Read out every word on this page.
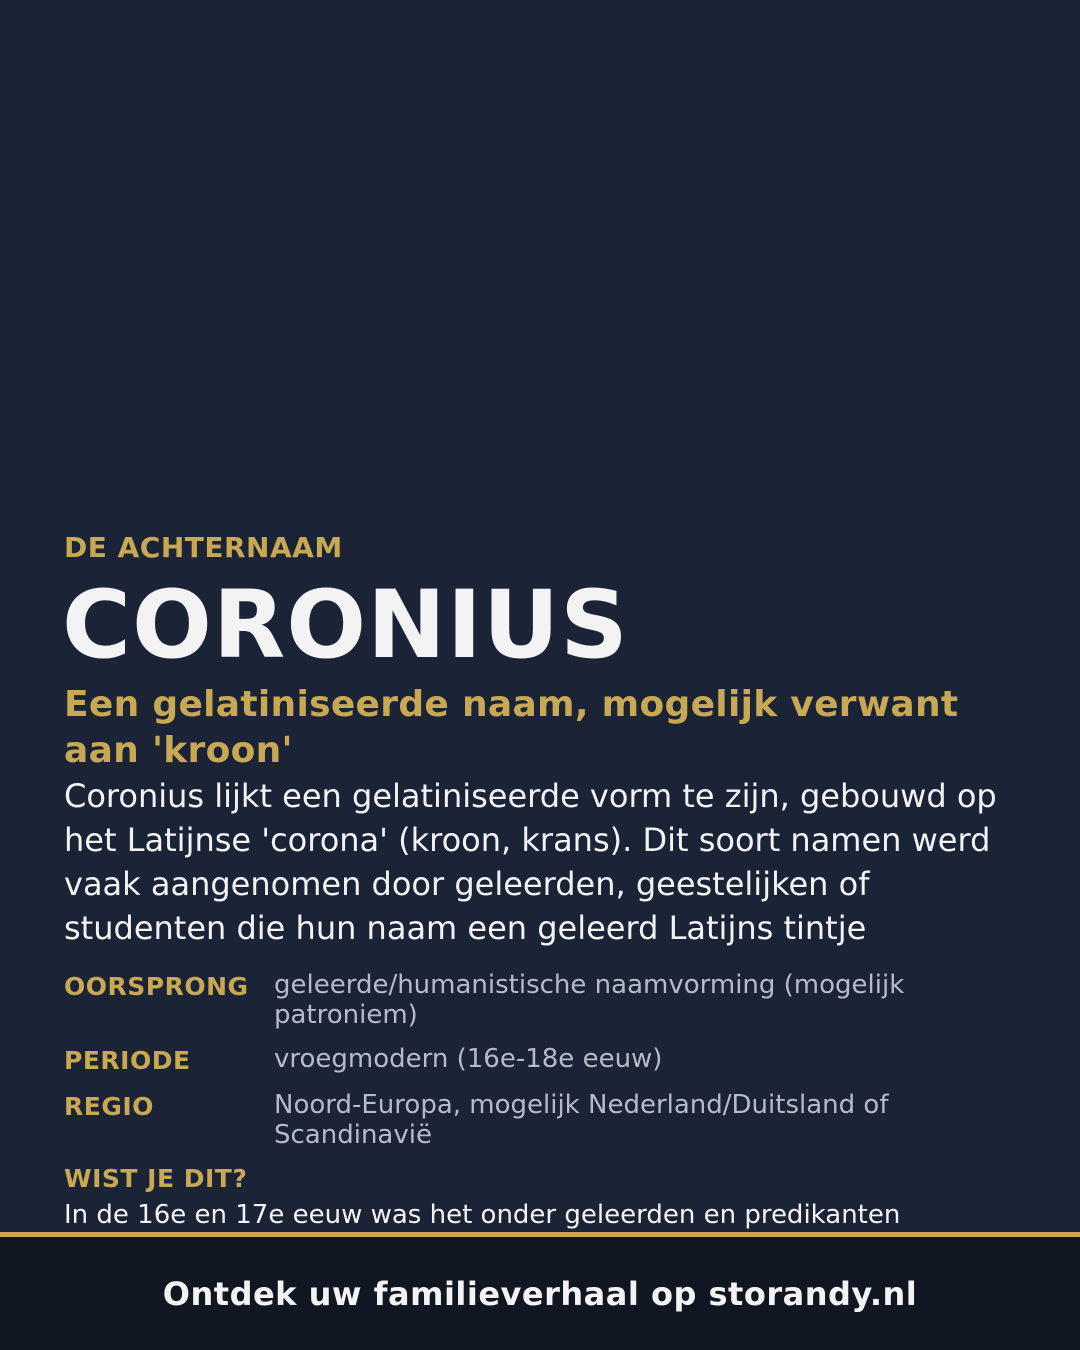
DE ACHTERNAAM

CORONIUS
Een gelatiniseerde naam, mogelijk verwant aan 'kroon'

Coronius lijkt een gelatiniseerde vorm te zijn, gebouwd op het Latijnse 'corona' (kroon, krans). Dit soort namen werd vaak aangenomen door geleerden, geestelijken of studenten die hun naam een geleerd Latijns tintje

OORSPRONG geleerde/humanistische naamvorming (mogelijk patroniem)
PERIODE	vroegmodern (16e-18e eeuw)
REGIO	Noord-Europa, mogelijk Nederland/Duitsland of Scandinavië
WIST JE DIT?
In de 16e en 17e eeuw was het onder geleerden en predikanten
Ontdek uw familieverhaal op storandy.nl
